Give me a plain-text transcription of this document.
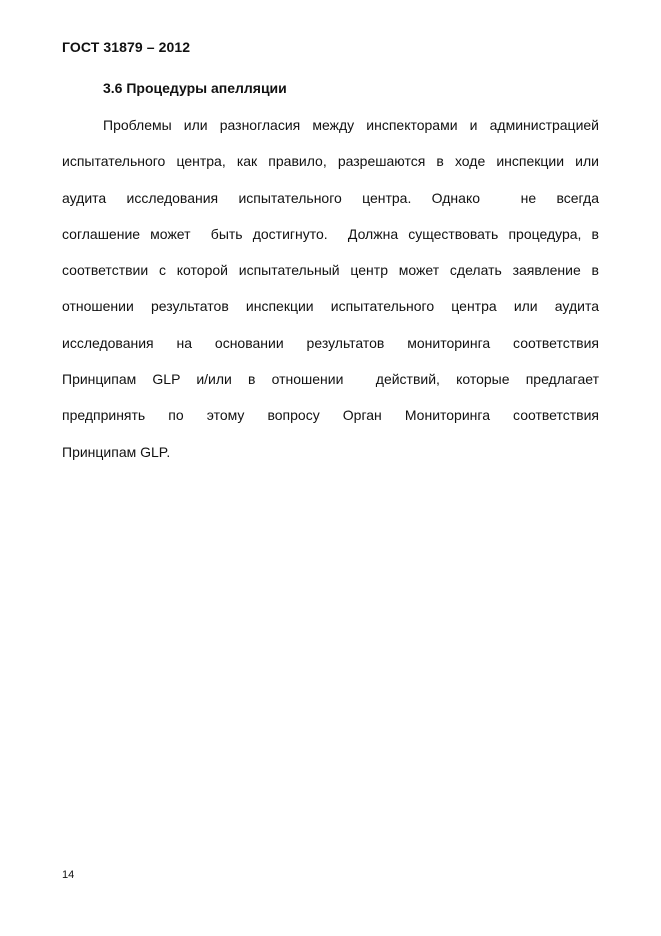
ГОСТ 31879 – 2012
3.6 Процедуры апелляции
Проблемы или разногласия между инспекторами и администрацией
испытательного центра, как правило, разрешаются в ходе инспекции или
аудита исследования испытательного центра. Однако  не всегда
соглашение может  быть достигнуто.  Должна существовать процедура, в
соответствии с которой испытательный центр может сделать заявление в
отношении результатов инспекции испытательного центра или аудита
исследования на основании результатов мониторинга соответствия
Принципам GLP и/или в отношении  действий, которые предлагает
предпринять по этому вопросу Орган Мониторинга соответствия
Принципам GLP.
14
